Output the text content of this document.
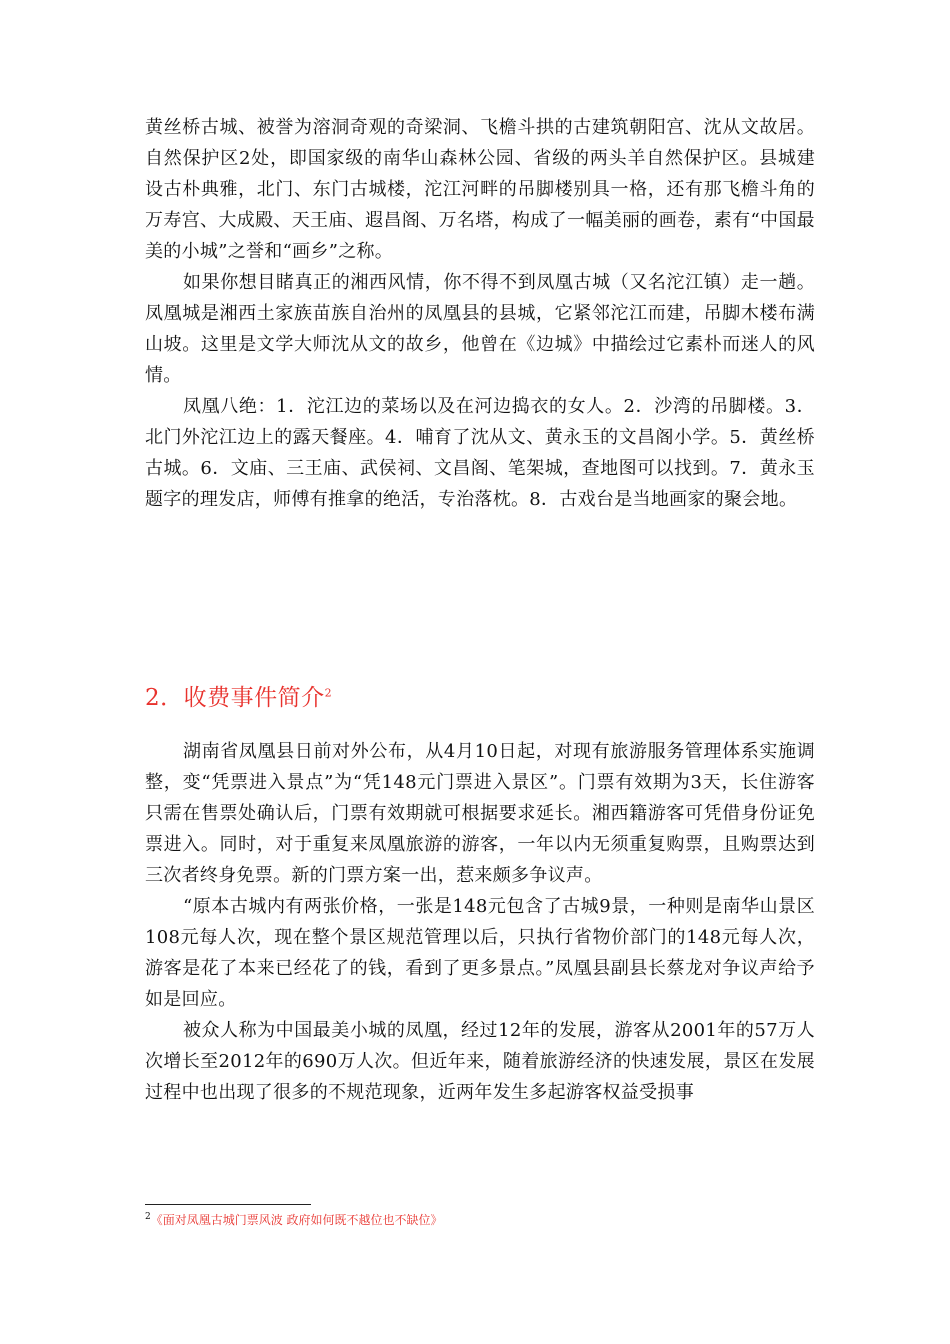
黄丝桥古城、被誉为溶洞奇观的奇梁洞、飞檐斗拱的古建筑朝阳宫、沈从文故居。自然保护区2处，即国家级的南华山森林公园、省级的两头羊自然保护区。县城建设古朴典雅，北门、东门古城楼，沱江河畔的吊脚楼别具一格，还有那飞檐斗角的万寿宫、大成殿、天王庙、遐昌阁、万名塔，构成了一幅美丽的画卷，素有“中国最美的小城”之誉和“画乡”之称。

如果你想目睹真正的湘西风情，你不得不到凤凰古城（又名沱江镇）走一趟。凤凰城是湘西土家族苗族自治州的凤凰县的县城，它紧邻沱江而建，吊脚木楼布满山坡。这里是文学大师沈从文的故乡，他曾在《边城》中描绘过它素朴而迷人的风情。

凤凰八绝：1．沱江边的菜场以及在河边捣衣的女人。2．沙湾的吊脚楼。3．北门外沱江边上的露天餐座。4．哺育了沈从文、黄永玉的文昌阁小学。5．黄丝桥古城。6．文庙、三王庙、武侯祠、文昌阁、笔架城，查地图可以找到。7．黄永玉题字的理发店，师傅有推拿的绝活，专治落枕。8．古戏台是当地画家的聚会地。

2．收费事件简介$^2$

湖南省凤凰县日前对外公布，从4月10日起，对现有旅游服务管理体系实施调整，变“凭票进入景点”为“凭148元门票进入景区”。门票有效期为3天，长住游客只需在售票处确认后，门票有效期就可根据要求延长。湘西籍游客可凭借身份证免票进入。同时，对于重复来凤凰旅游的游客，一年以内无须重复购票，且购票达到三次者终身免票。新的门票方案一出，惹来颇多争议声。

“原本古城内有两张价格，一张是148元包含了古城9景，一种则是南华山景区108元每人次，现在整个景区规范管理以后，只执行省物价部门的148元每人次，游客是花了本来已经花了的钱，看到了更多景点。”凤凰县副县长蔡龙对争议声给予如是回应。

被众人称为中国最美小城的凤凰，经过12年的发展，游客从2001年的57万人次增长至2012年的690万人次。但近年来，随着旅游经济的快速发展，景区在发展过程中也出现了很多的不规范现象，近两年发生多起游客权益受损事

$^2$《面对凤凰古城门票风波 政府如何既不越位也不缺位》
